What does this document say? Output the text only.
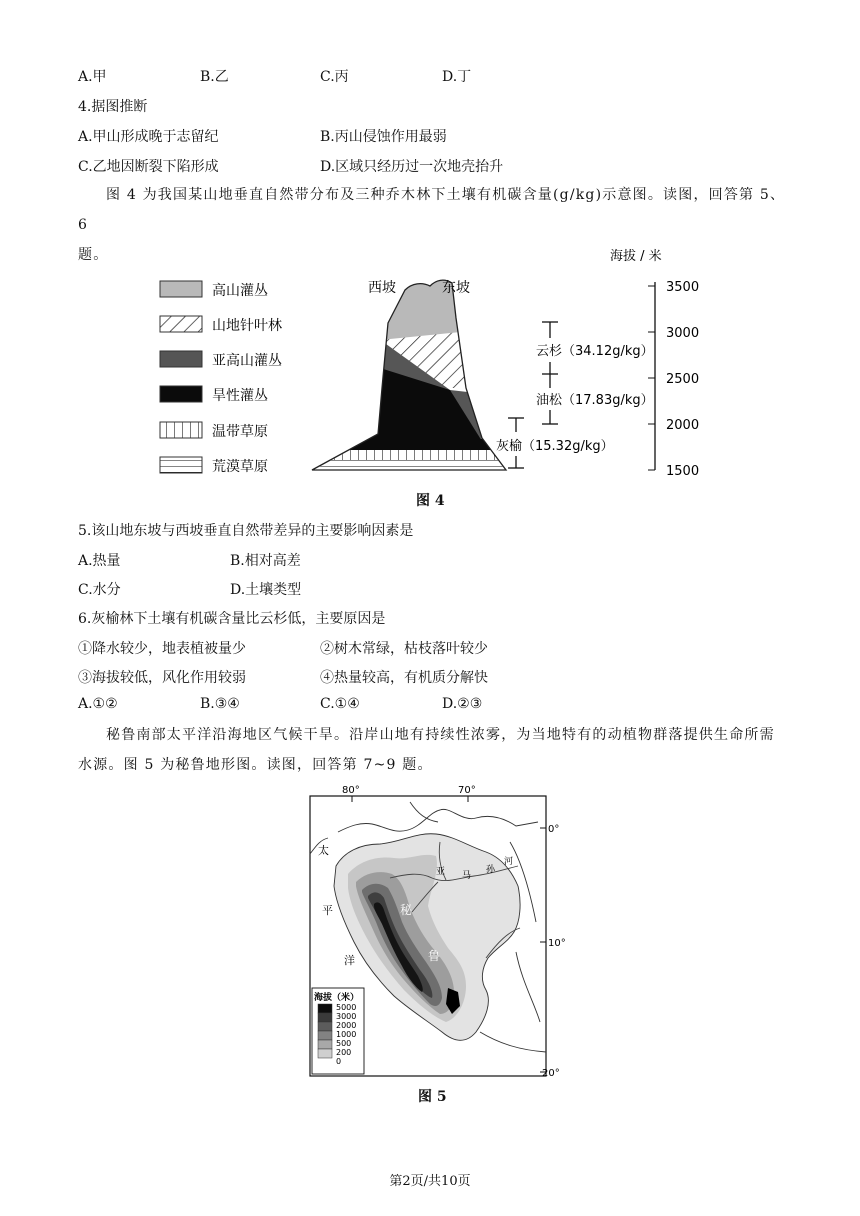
A.甲	B.乙	C.丙	D.丁
4.据图推断
A.甲山形成晚于志留纪	B.丙山侵蚀作用最弱
C.乙地因断裂下陷形成	D.区域只经历过一次地壳抬升
图 4 为我国某山地垂直自然带分布及三种乔木林下土壤有机碳含量(g/kg)示意图。读图，回答第 5、6
题。
高山灌丛
山地针叶林
亚高山灌丛
旱性灌丛
温带草原
荒漠草原
西坡	东坡
海拔 / 米
3500
3000
2500
2000
1500
云杉（34.12g/kg）
油松（17.83g/kg）
灰榆（15.32g/kg）
图 4
5.该山地东坡与西坡垂直自然带差异的主要影响因素是
A.热量	B.相对高差
C.水分	D.土壤类型
6.灰榆林下土壤有机碳含量比云杉低，主要原因是
①降水较少，地表植被量少	②树木常绿，枯枝落叶较少
③海拔较低，风化作用较弱	④热量较高，有机质分解快
A.①②	B.③④	C.①④	D.②③
秘鲁南部太平洋沿海地区气候干旱。沿岸山地有持续性浓雾，为当地特有的动植物群落提供生命所需
水源。图 5 为秘鲁地形图。读图，回答第 7~9 题。
80°	70°
0°
10°
20°
太
平
洋
秘
鲁
亚 马
孙
河
海拔（米）
5000
3000
2000
1000
500
200
0
图 5
第2页/共10页
